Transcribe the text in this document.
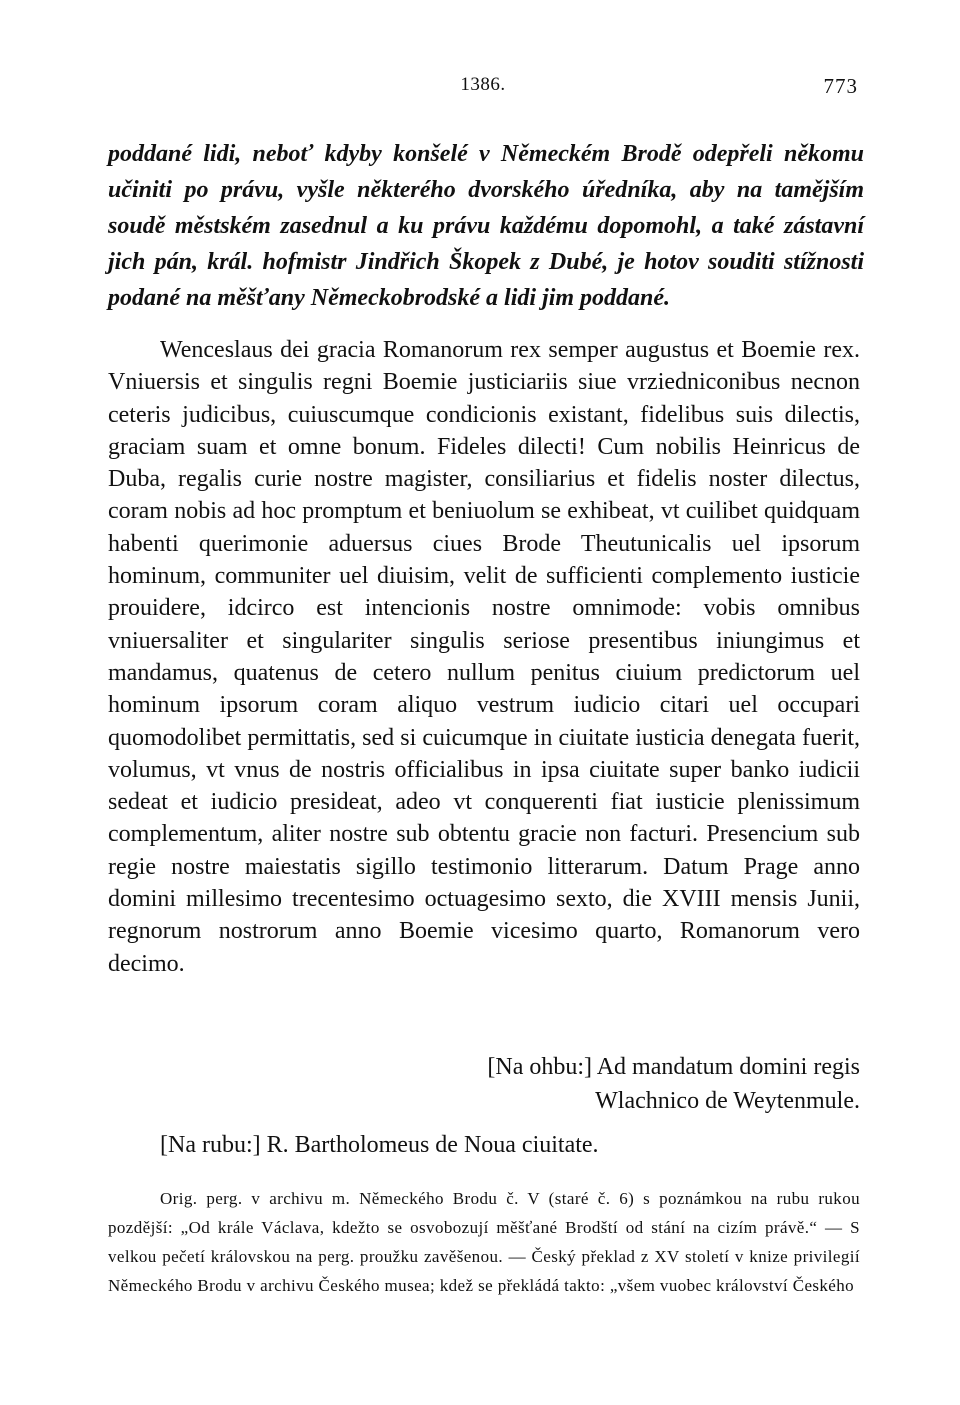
1386.	773

poddané lidi, neboť kdyby konšelé v Německém Brodě odepřeli někomu učiniti po právu, vyšle některého dvorského úředníka, aby na tamějším soudě městském zasednul a ku právu každému dopomohl, a také zástavní jich pán, král. hofmistr Jindřich Škopek z Dubé, je hotov souditi stížnosti podané na měšťany Německobrodské a lidi jim poddané.

Wenceslaus dei gracia Romanorum rex semper augustus et Boemie rex. Vniuersis et singulis regni Boemie justiciariis siue vrziedniconibus necnon ceteris judicibus, cuiuscumque condicionis existant, fidelibus suis dilectis, graciam suam et omne bonum. Fideles dilecti! Cum nobilis Heinricus de Duba, regalis curie nostre magister, consiliarius et fidelis noster dilectus, coram nobis ad hoc promptum et beniuolum se exhibeat, vt cuilibet quidquam habenti querimonie aduersus ciues Brode Theutunicalis uel ipsorum hominum, communiter uel diuisim, velit de sufficienti complemento iusticie prouidere, idcirco est intencionis nostre omnimode: vobis omnibus vniuersaliter et singulariter singulis seriose presentibus iniungimus et mandamus, quatenus de cetero nullum penitus ciuium predictorum uel hominum ipsorum coram aliquo vestrum iudicio citari uel occupari quomodolibet permittatis, sed si cuicumque in ciuitate iusticia denegata fuerit, volumus, vt vnus de nostris officialibus in ipsa ciuitate super banko iudicii sedeat et iudicio presideat, adeo vt conquerenti fiat iusticie plenissimum complementum, aliter nostre sub obtentu gracie non facturi. Presencium sub regie nostre maiestatis sigillo testimonio litterarum. Datum Prage anno domini millesimo trecentesimo octuagesimo sexto, die XVIII mensis Junii, regnorum nostrorum anno Boemie vicesimo quarto, Romanorum vero decimo.

[Na ohbu:] Ad mandatum domini regis
Wlachnico de Weytenmule.

[Na rubu:] R. Bartholomeus de Noua ciuitate.

Orig. perg. v archivu m. Německého Brodu č. V (staré č. 6) s poznámkou na rubu rukou pozdější: „Od krále Václava, kdežto se osvobozují měšťané Brodští od stání na cizím právě.“ — S velkou pečetí královskou na perg. proužku zavěšenou. — Český překlad z XV století v knize privilegií Německého Brodu v archivu Českého musea; kdež se překládá takto: „všem vuobec království Českého
